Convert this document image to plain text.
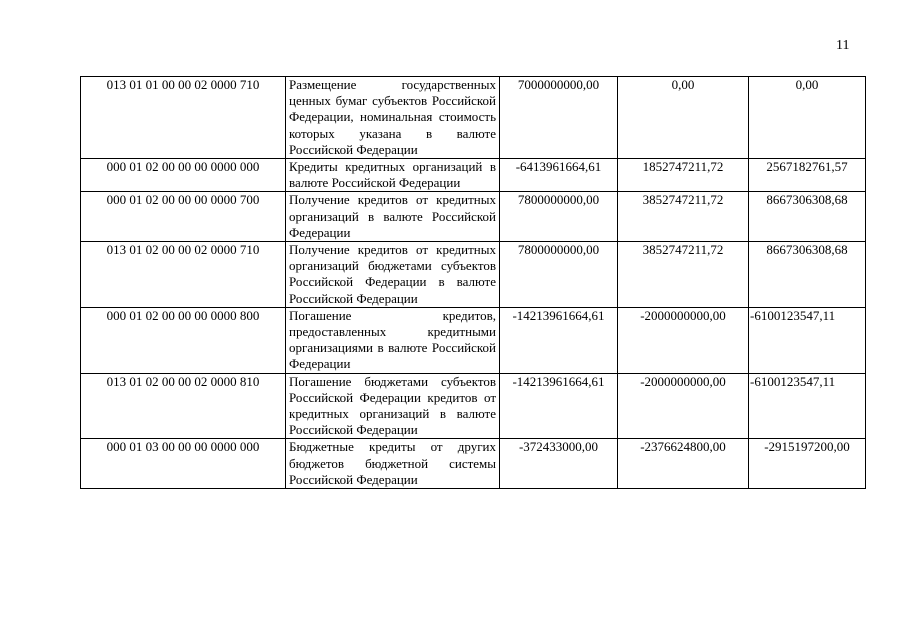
11
013 01 01 00 00 02 0000 710	Размещение государственных ценных бумаг субъектов Российской Федерации, номинальная стоимость которых указана в валюте Российской Федерации	7000000000,00	0,00	0,00
000 01 02 00 00 00 0000 000	Кредиты кредитных организаций в валюте Российской Федерации	-6413961664,61	1852747211,72	2567182761,57
000 01 02 00 00 00 0000 700	Получение кредитов от кредитных организаций в валюте Российской Федерации	7800000000,00	3852747211,72	8667306308,68
013 01 02 00 00 02 0000 710	Получение кредитов от кредитных организаций бюджетами субъектов Российской Федерации в валюте Российской Федерации	7800000000,00	3852747211,72	8667306308,68
000 01 02 00 00 00 0000 800	Погашение кредитов, предоставленных кредитными организациями в валюте Российской Федерации	-14213961664,61	-2000000000,00	-6100123547,11
013 01 02 00 00 02 0000 810	Погашение бюджетами субъектов Российской Федерации кредитов от кредитных организаций в валюте Российской Федерации	-14213961664,61	-2000000000,00	-6100123547,11
000 01 03 00 00 00 0000 000	Бюджетные кредиты от других бюджетов бюджетной системы Российской Федерации	-372433000,00	-2376624800,00	-2915197200,00
